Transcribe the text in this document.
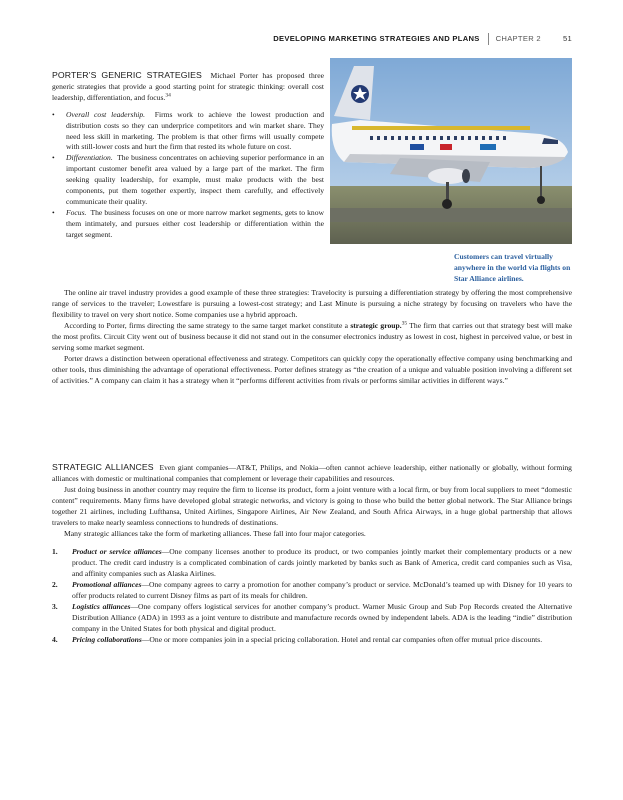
DEVELOPING MARKETING STRATEGIES AND PLANS CHAPTER 2	51
Customers can travel virtually anywhere in the world via flights on Star Alliance airlines.

PORTER’S GENERIC STRATEGIES Michael Porter has proposed three generic strategies that provide a good starting point for strategic thinking: overall cost leadership, differentiation, and focus.$^{34}$

• Overall cost leadership. Firms work to achieve the lowest production and distribution costs so they can underprice competitors and win market share. They need less skill in marketing. The problem is that other firms will usually compete with still-lower costs and hurt the firm that rested its whole future on cost.
• Differentiation. The business concentrates on achieving superior performance in an important customer benefit area valued by a large part of the market. The firm seeking quality leadership, for example, must make products with the best components, put them together expertly, inspect them carefully, and effectively communicate their quality.
• Focus. The business focuses on one or more narrow market segments, gets to know them intimately, and pursues either cost leadership or differentiation within the target segment.

The online air travel industry provides a good example of these three strategies: Travelocity is pursuing a differentiation strategy by offering the most comprehensive range of services to the traveler; Lowestfare is pursuing a lowest-cost strategy; and Last Minute is pursuing a niche strategy by focusing on travelers who have the flexibility to travel on very short notice. Some companies use a hybrid approach.

According to Porter, firms directing the same strategy to the same target market constitute a strategic group.$^{35}$ The firm that carries out that strategy best will make the most profits. Circuit City went out of business because it did not stand out in the consumer electronics industry as lowest in cost, highest in perceived value, or best in serving some market segment.

Porter draws a distinction between operational effectiveness and strategy. Competitors can quickly copy the operationally effective company using benchmarking and other tools, thus diminishing the advantage of operational effectiveness. Porter defines strategy as “the creation of a unique and valuable position involving a different set of activities.” A company can claim it has a strategy when it “performs different activities from rivals or performs similar activities in different ways.”

STRATEGIC ALLIANCES Even giant companies—AT&T, Philips, and Nokia—often cannot achieve leadership, either nationally or globally, without forming alliances with domestic or multinational companies that complement or leverage their capabilities and resources.

Just doing business in another country may require the firm to license its product, form a joint venture with a local firm, or buy from local suppliers to meet “domestic content” requirements. Many firms have developed global strategic networks, and victory is going to those who build the better global network. The Star Alliance brings together 21 airlines, including Lufthansa, United Airlines, Singapore Airlines, Air New Zealand, and South Africa Airways, in a huge global partnership that allows travelers to make nearly seamless connections to hundreds of destinations.

Many strategic alliances take the form of marketing alliances. These fall into four major categories.

1. Product or service alliances—One company licenses another to produce its product, or two companies jointly market their complementary products or a new product. The credit card industry is a complicated combination of cards jointly marketed by banks such as Bank of America, credit card companies such as Visa, and affinity companies such as Alaska Airlines.
2. Promotional alliances—One company agrees to carry a promotion for another company’s product or service. McDonald’s teamed up with Disney for 10 years to offer products related to current Disney films as part of its meals for children.
3. Logistics alliances—One company offers logistical services for another company’s product. Warner Music Group and Sub Pop Records created the Alternative Distribution Alliance (ADA) in 1993 as a joint venture to distribute and manufacture records owned by independent labels. ADA is the leading “indie” distribution company in the United States for both physical and digital product.
4. Pricing collaborations—One or more companies join in a special pricing collaboration. Hotel and rental car companies often offer mutual price discounts.
